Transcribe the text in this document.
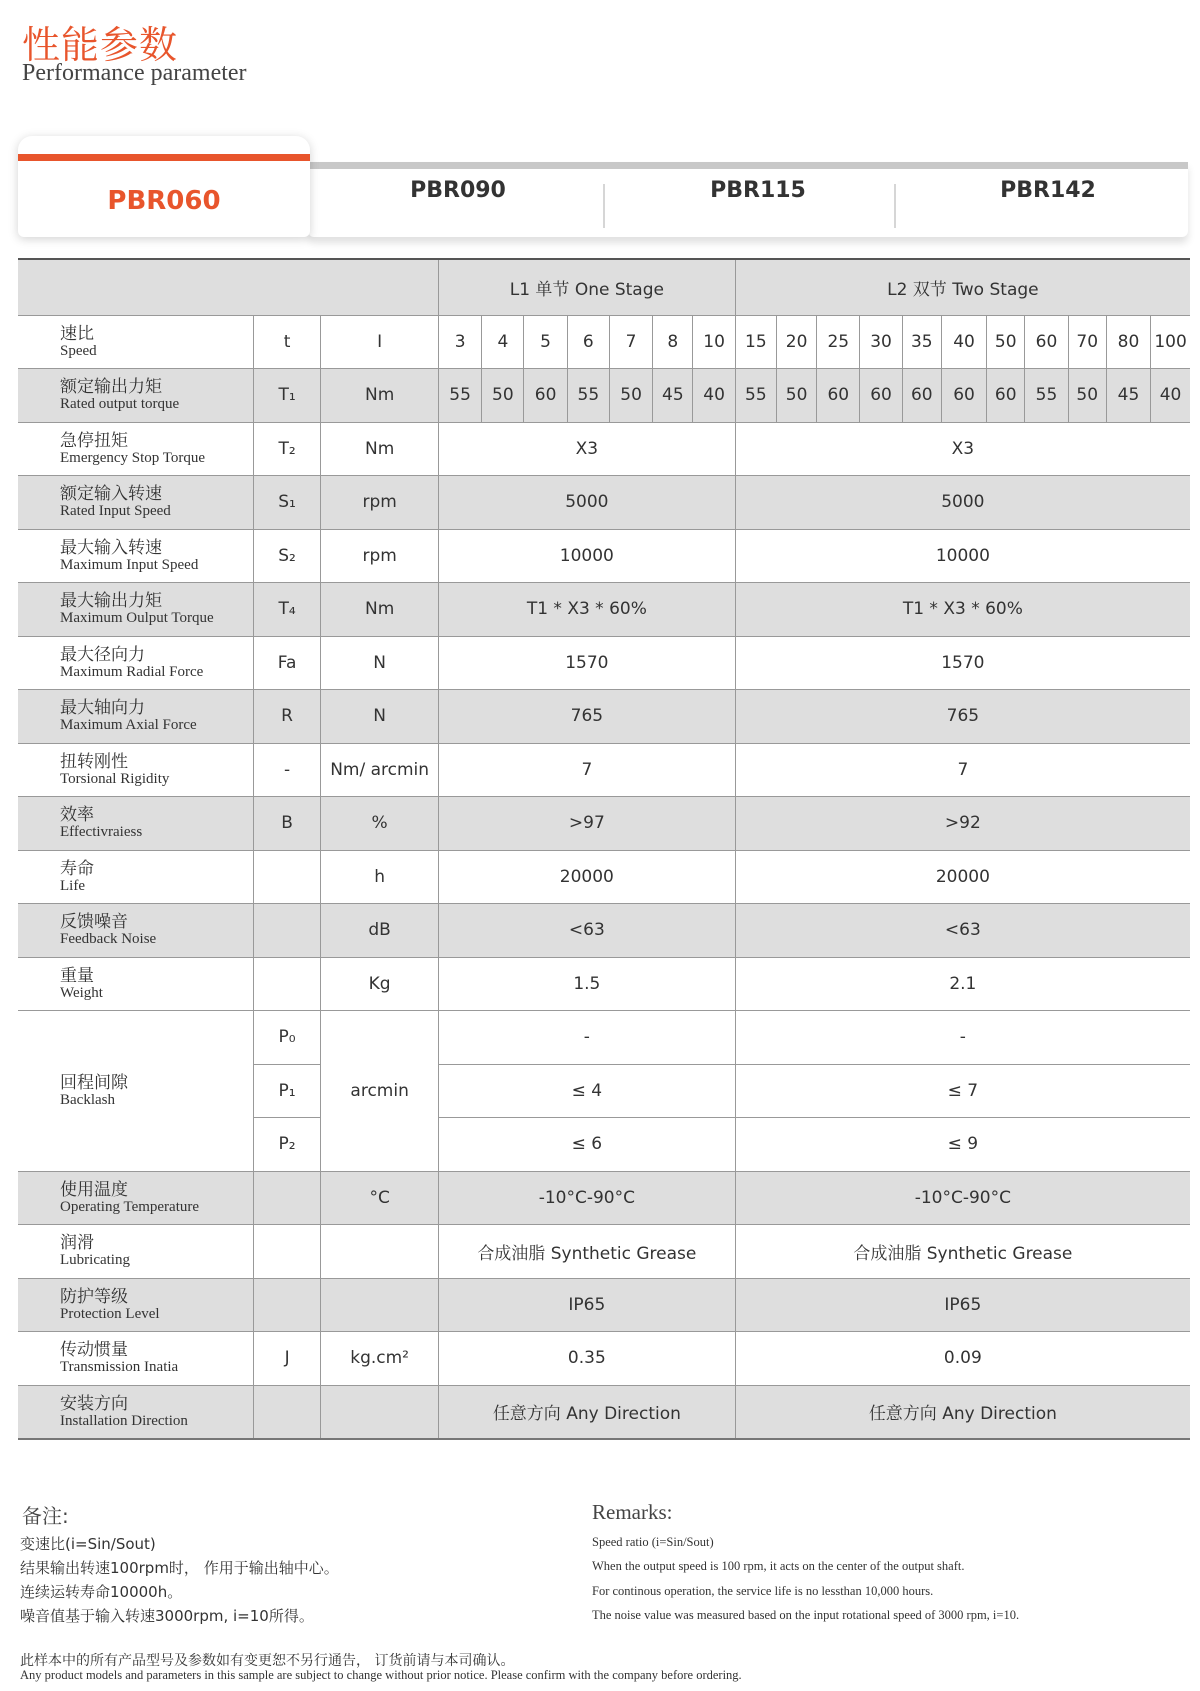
性能参数
Performance parameter
PBR060	PBR090	PBR115	PBR142
			L1 单节 One Stage							L2 双节 Two Stage										

速比
Speed	t	I	3	4	5	6	7	8	10	15	20	25	30	35	40	50	60	70	80	100

额定输出力矩
Rated output torque	T₁	Nm	55	50	60	55	50	45	40	55	50	60	60	60	60	60	55	50	45	40

急停扭矩
Emergency Stop Torque	T₂	Nm	X3							X3										

额定输入转速
Rated Input Speed	S₁	rpm	5000							5000										

最大输入转速
Maximum Input Speed	S₂	rpm	10000							10000										

最大输出力矩
Maximum Oulput Torque	T₄	Nm	T1 * X3 * 60%							T1 * X3 * 60%										

最大径向力
Maximum Radial Force	Fa	N	1570							1570										

最大轴向力
Maximum Axial Force	R	N	765							765										

扭转刚性
Torsional Rigidity	-	Nm/ arcmin	7							7										

效率
Effectivraiess	B	%	>97							>92										

寿命
Life		h	20000							20000										

反馈噪音
Feedback Noise		dB	<63							<63										

重量
Weight		Kg	1.5							2.1										

回程间隙
Backlash	P₀	arcmin	-							-										
	P₁		≤ 4							≤ 7										
	P₂		≤ 6							≤ 9										

使用温度
Operating Temperature		°C	-10°C-90°C							-10°C-90°C										

润滑
Lubricating			合成油脂 Synthetic Grease							合成油脂 Synthetic Grease										

防护等级
Protection Level			IP65							IP65										

传动惯量
Transmission Inatia	J	kg.cm²	0.35							0.09										

安装方向
Installation Direction			任意方向 Any Direction							任意方向 Any Direction										
备注:	Remarks:
变速比(i=Sin/Sout)
结果输出转速100rpm时， 作用于输出轴中心。
连续运转寿命10000h。
噪音值基于输入转速3000rpm, i=10所得。
Speed ratio (i=Sin/Sout)
When the output speed is 100 rpm, it acts on the center of the output shaft.
For continous operation, the service life is no lessthan 10,000 hours.
The noise value was measured based on the input rotational speed of 3000 rpm, i=10.
此样本中的所有产品型号及参数如有变更恕不另行通告， 订货前请与本司确认。
Any product models and parameters in this sample are subject to change without prior notice. Please confirm with the company before ordering.
